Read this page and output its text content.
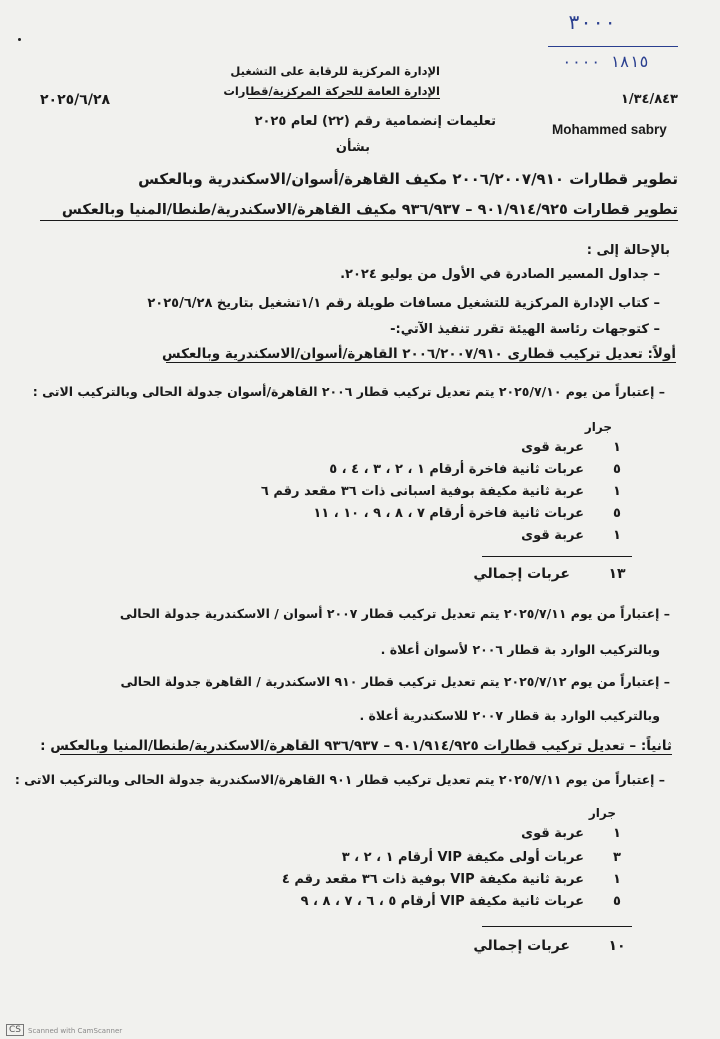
٣٠٠٠
١٨١٥ ٠٠٠٠
الإدارة المركزية للرقابة على التشغيل
الإدارة العامة للحركة المركزية/قطارات
١/٣٤/٨٤٣
٢٠٢٥/٦/٢٨
تعليمات إنضمامية رقم (٢٢) لعام ٢٠٢٥
Mohammed sabry
بشأن
تطوير قطارات ٢٠٠٦/٢٠٠٧/٩١٠ مكيف القاهرة/أسوان/الاسكندرية وبالعكس
تطوير قطارات ٩٠١/٩١٤/٩٢٥ – ٩٣٦/٩٣٧ مكيف القاهرة/الاسكندرية/طنطا/المنيا وبالعكس
بالإحالة إلى :
– جداول المسير الصادرة في الأول من يوليو ٢٠٢٤.
– كتاب الإدارة المركزية للتشغيل مسافات طويلة رقم ١/١تشغيل بتاريخ ٢٠٢٥/٦/٢٨
– كتوجهات رئاسة الهيئة تقرر تنفيذ الآتي:-
أولاً: تعديل تركيب قطارى ٢٠٠٦/٢٠٠٧/٩١٠ القاهرة/أسوان/الاسكندرية وبالعكس
– إعتباراً من يوم ٢٠٢٥/٧/١٠ يتم تعديل تركيب قطار ٢٠٠٦ القاهرة/أسوان جدولة الحالى وبالتركيب الاتى :
جرار
١عربة قوى
٥عربات ثانية فاخرة أرقام ١ ، ٢ ، ٣ ، ٤ ، ٥
١عربة ثانية مكيفة بوفية اسبانى ذات ٣٦ مقعد رقم ٦
٥عربات ثانية فاخرة أرقام ٧ ، ٨ ، ٩ ، ١٠ ، ١١
١عربة قوى
١٣عربات إجمالي
– إعتباراً من يوم ٢٠٢٥/٧/١١ يتم تعديل تركيب قطار ٢٠٠٧ أسوان / الاسكندرية جدولة الحالى
وبالتركيب الوارد بة قطار ٢٠٠٦ لأسوان أعلاة .
– إعتباراً من يوم ٢٠٢٥/٧/١٢ يتم تعديل تركيب قطار ٩١٠ الاسكندرية / القاهرة جدولة الحالى
وبالتركيب الوارد بة قطار ٢٠٠٧ للاسكندرية أعلاة .
ثانياً: – تعديل تركيب قطارات ٩٠١/٩١٤/٩٢٥ – ٩٣٦/٩٣٧ القاهرة/الاسكندرية/طنطا/المنيا وبالعكس :
– إعتباراً من يوم ٢٠٢٥/٧/١١ يتم تعديل تركيب قطار ٩٠١ القاهرة/الاسكندرية جدولة الحالى وبالتركيب الاتى :
جرار
١عربة قوى
٣عربات أولى مكيفة VIP أرقام ١ ، ٢ ، ٣
١عربة ثانية مكيفة VIP بوفية ذات ٣٦ مقعد رقم ٤
٥عربات ثانية مكيفة VIP أرقام ٥ ، ٦ ، ٧ ، ٨ ، ٩
١٠عربات إجمالي
CS	Scanned with CamScanner
